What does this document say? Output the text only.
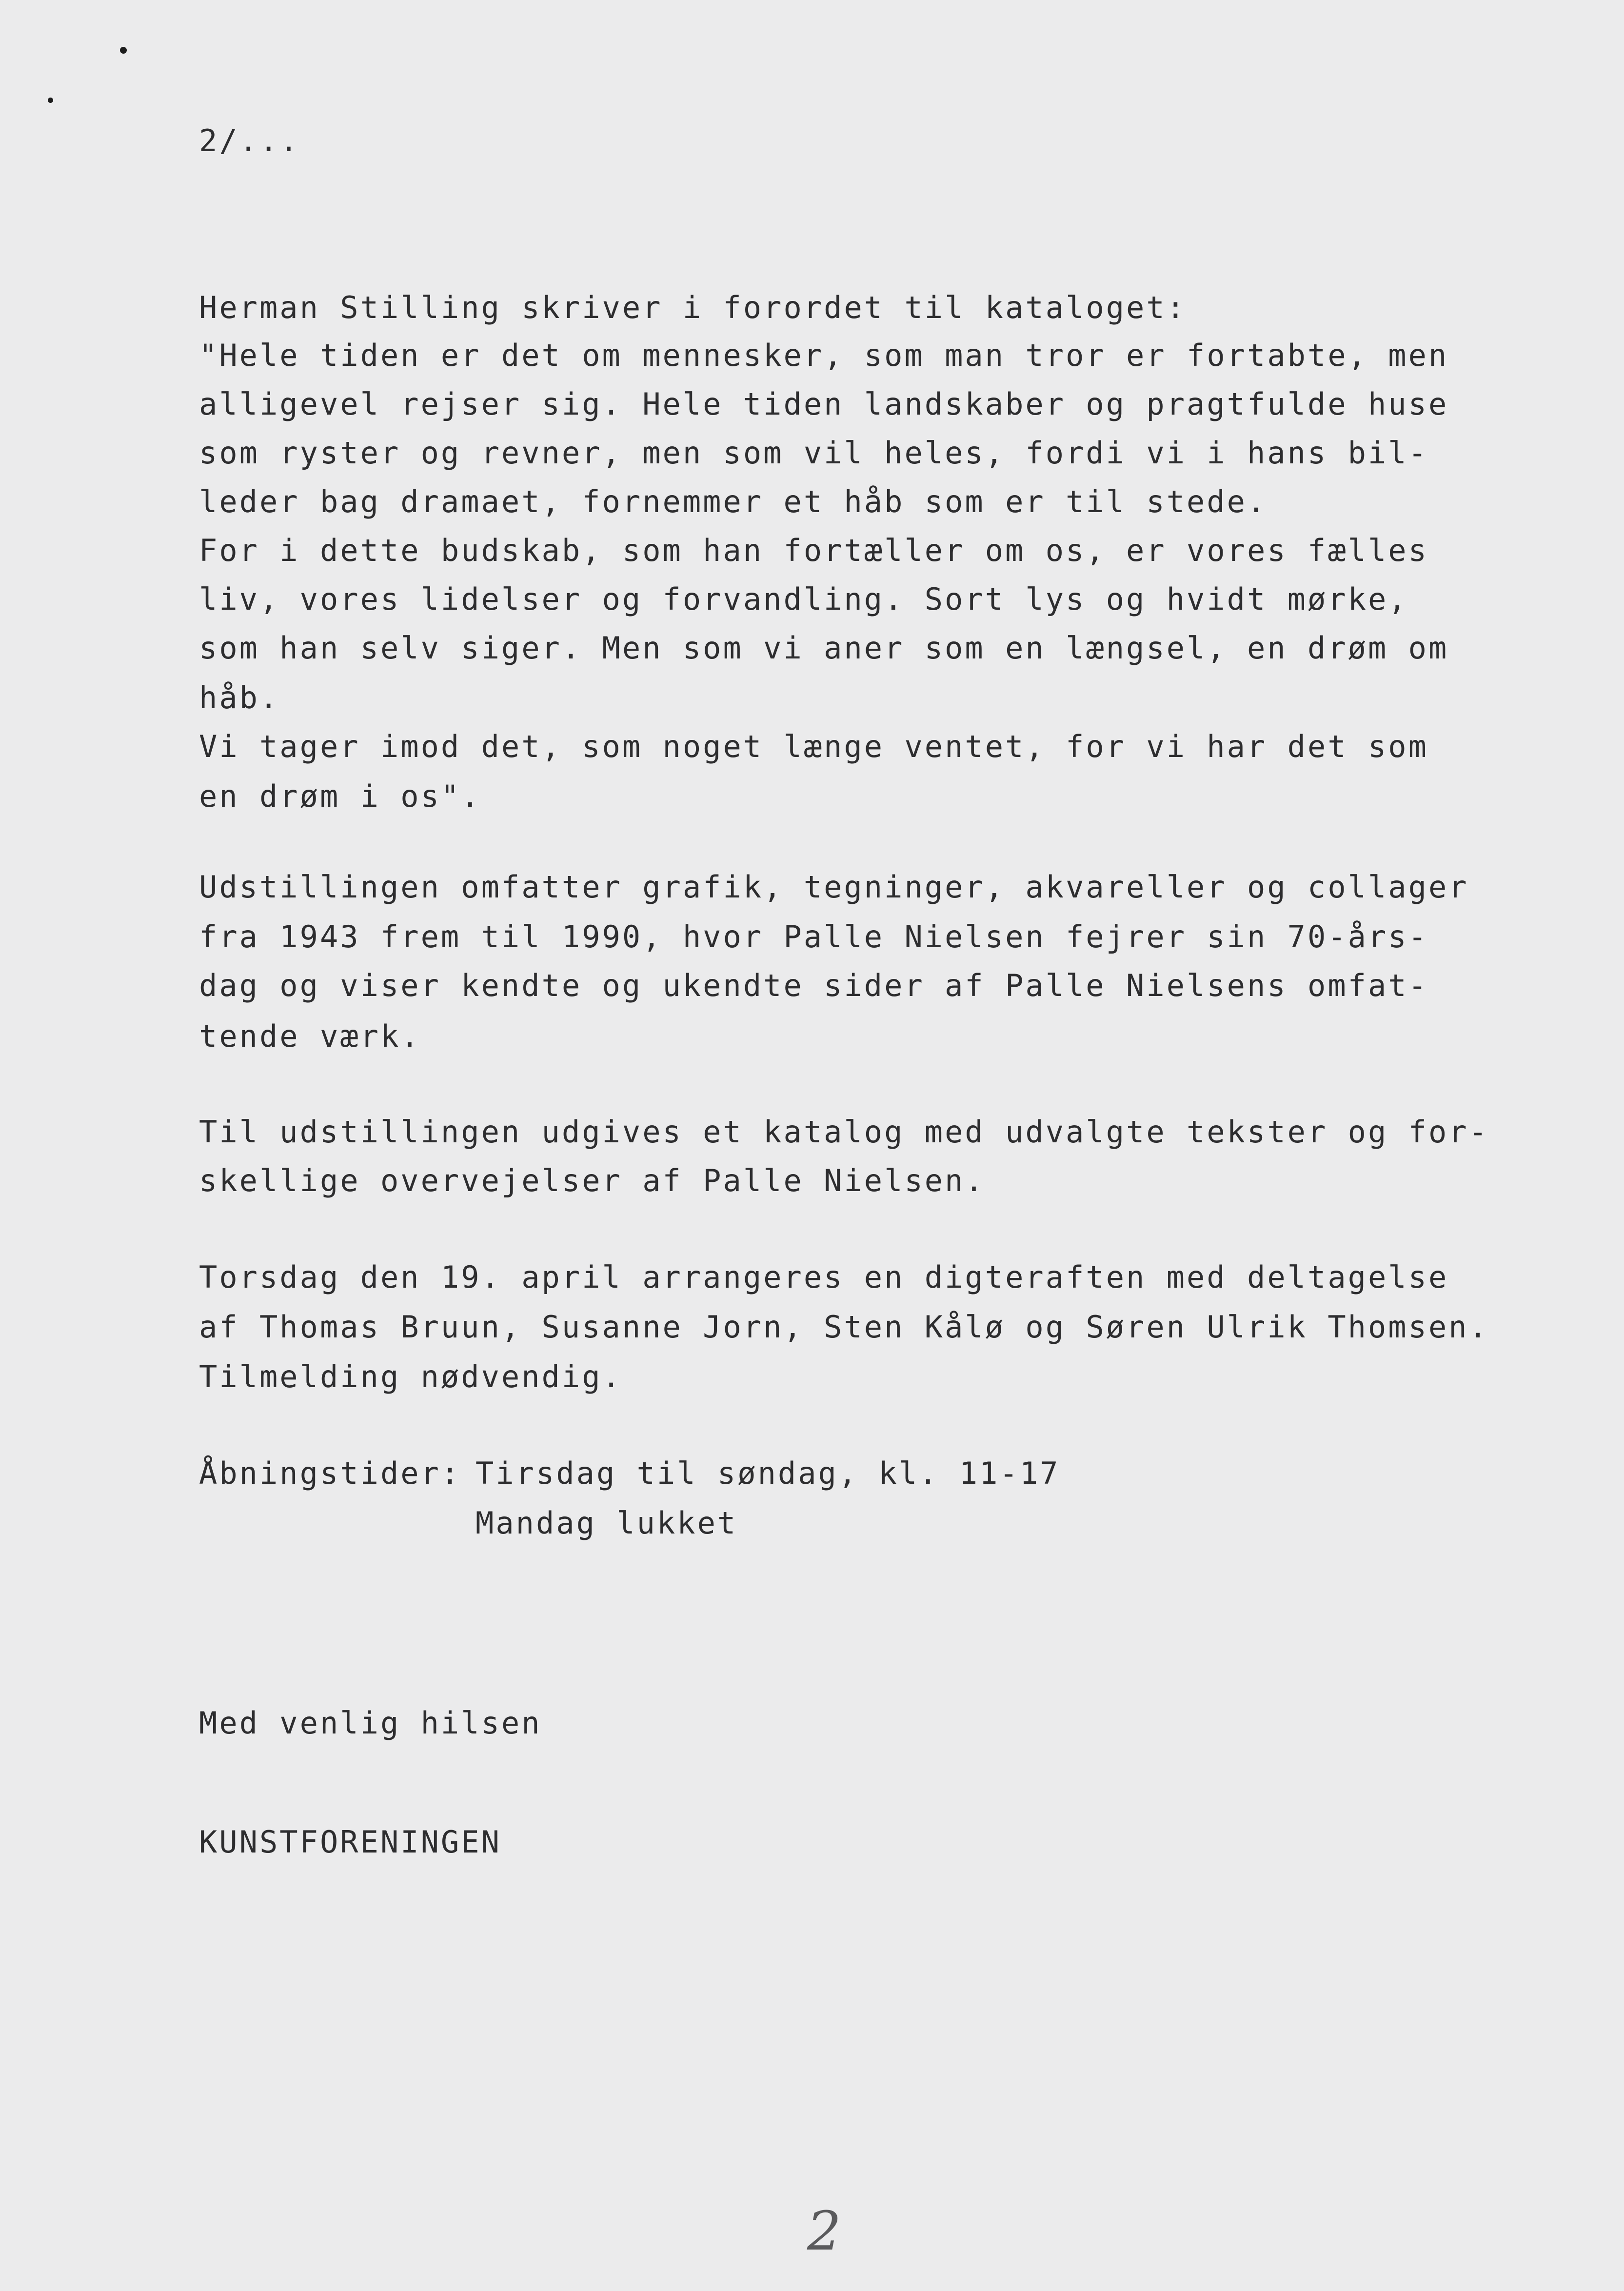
2/...
Herman Stilling skriver i forordet til kataloget:
"Hele tiden er det om mennesker, som man tror er fortabte, men
alligevel rejser sig. Hele tiden landskaber og pragtfulde huse
som ryster og revner, men som vil heles, fordi vi i hans bil-
leder bag dramaet, fornemmer et håb som er til stede.
For i dette budskab, som han fortæller om os, er vores fælles
liv, vores lidelser og forvandling. Sort lys og hvidt mørke,
som han selv siger. Men som vi aner som en længsel, en drøm om
håb.
Vi tager imod det, som noget længe ventet, for vi har det som
en drøm i os".
Udstillingen omfatter grafik, tegninger, akvareller og collager
fra 1943 frem til 1990, hvor Palle Nielsen fejrer sin 70-års-
dag og viser kendte og ukendte sider af Palle Nielsens omfat-
tende værk.
Til udstillingen udgives et katalog med udvalgte tekster og for-
skellige overvejelser af Palle Nielsen.
Torsdag den 19. april arrangeres en digteraften med deltagelse
af Thomas Bruun, Susanne Jorn, Sten Kålø og Søren Ulrik Thomsen.
Tilmelding nødvendig.
Åbningstider: Tirsdag til søndag, kl. 11-17
Mandag lukket
Med venlig hilsen
KUNSTFORENINGEN
2
